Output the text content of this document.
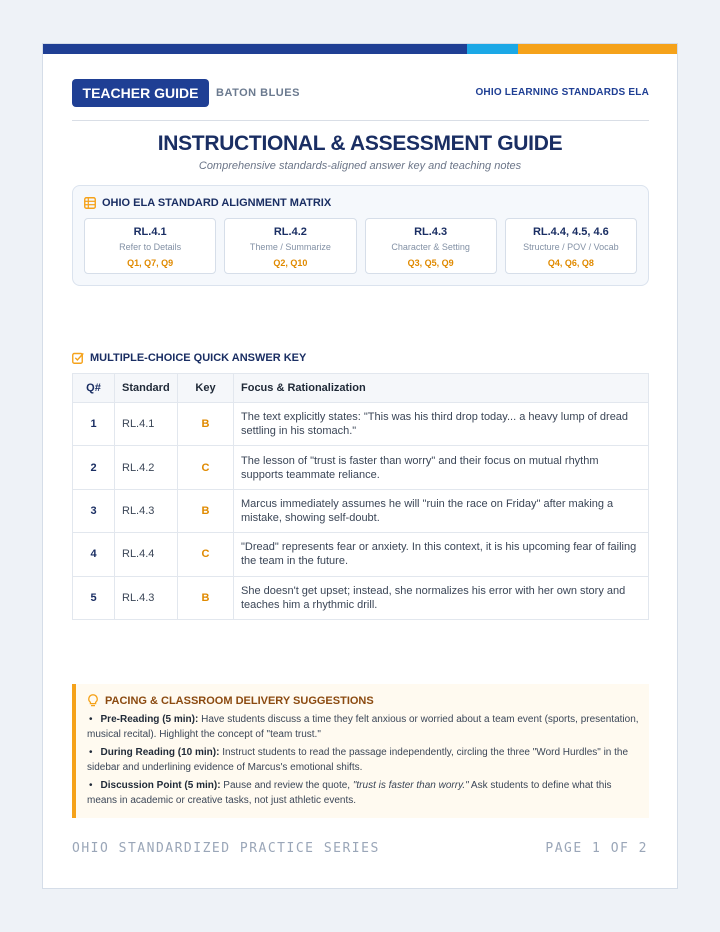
TEACHER GUIDE	BATON BLUES	OHIO LEARNING STANDARDS ELA
INSTRUCTIONAL & ASSESSMENT GUIDE
Comprehensive standards-aligned answer key and teaching notes
OHIO ELA STANDARD ALIGNMENT MATRIX
RL.4.1
Refer to Details
Q1, Q7, Q9
RL.4.2
Theme / Summarize
Q2, Q10
RL.4.3
Character & Setting
Q3, Q5, Q9
RL.4.4, 4.5, 4.6
Structure / POV / Vocab
Q4, Q6, Q8
MULTIPLE-CHOICE QUICK ANSWER KEY
Q#	Standard	Key	Focus & Rationalization
1	RL.4.1	B	The text explicitly states: "This was his third drop today... a heavy lump of dread settling in his stomach."
2	RL.4.2	C	The lesson of "trust is faster than worry" and their focus on mutual rhythm supports teammate reliance.
3	RL.4.3	B	Marcus immediately assumes he will "ruin the race on Friday" after making a mistake, showing self-doubt.
4	RL.4.4	C	"Dread" represents fear or anxiety. In this context, it is his upcoming fear of failing the team in the future.
5	RL.4.3	B	She doesn't get upset; instead, she normalizes his error with her own story and teaches him a rhythmic drill.
PACING & CLASSROOM DELIVERY SUGGESTIONS
• Pre-Reading (5 min): Have students discuss a time they felt anxious or worried about a team event (sports, presentation, musical recital). Highlight the concept of "team trust."
• During Reading (10 min): Instruct students to read the passage independently, circling the three "Word Hurdles" in the sidebar and underlining evidence of Marcus's emotional shifts.
• Discussion Point (5 min): Pause and review the quote, "trust is faster than worry." Ask students to define what this means in academic or creative tasks, not just athletic events.
OHIO STANDARDIZED PRACTICE SERIES	PAGE 1 OF 2
